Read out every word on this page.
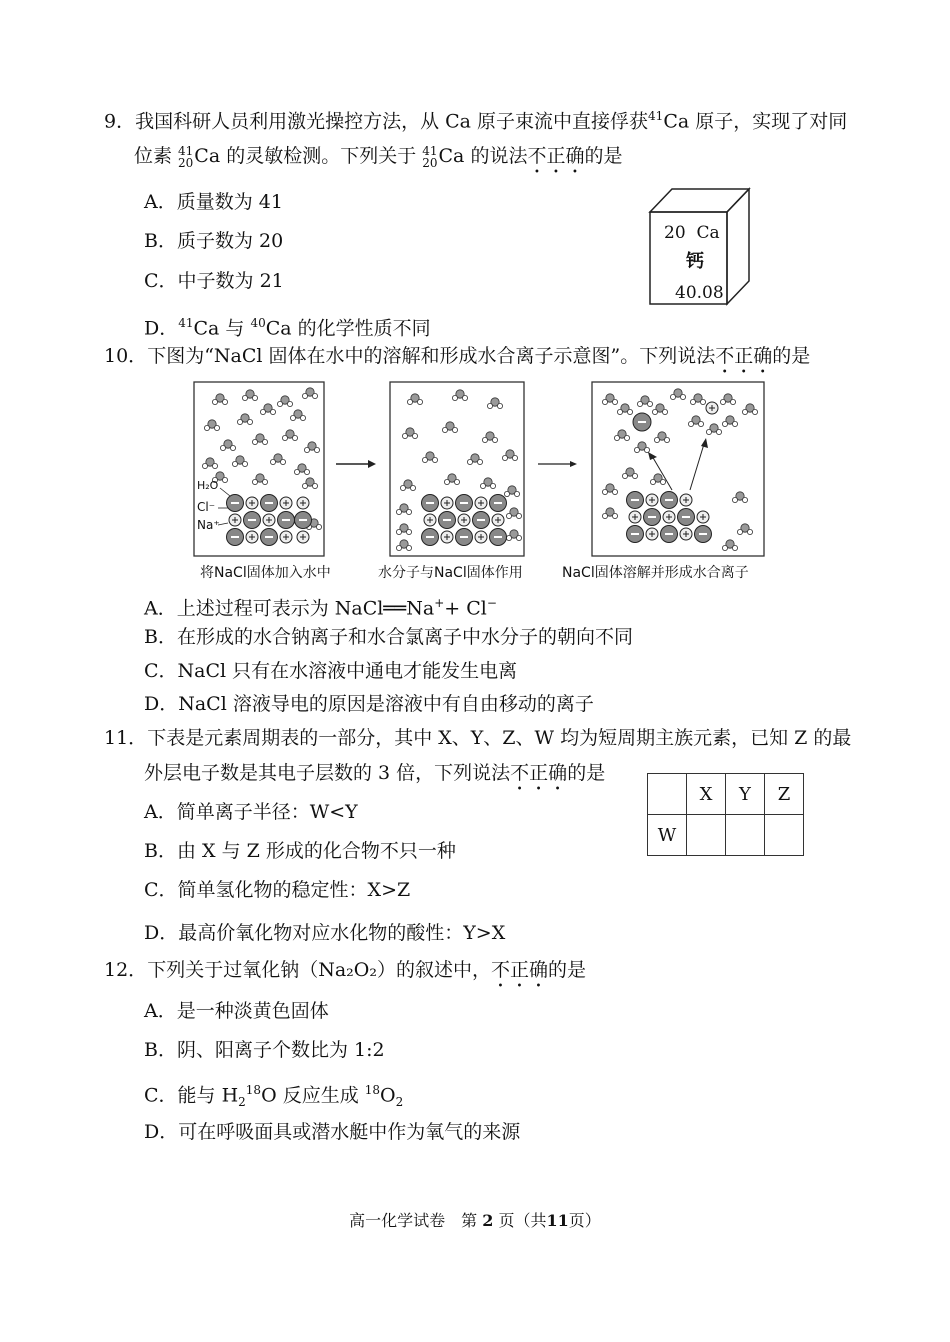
9．我国科研人员利用激光操控方法，从 Ca 原子束流中直接俘获$^{41}$Ca 原子，实现了对同
位素 41
20 Ca 的灵敏检测。下列关于 41
20 Ca 的说法不正确的是
A．质量数为 41
B．质子数为 20
C．中子数为 21
D．$^{41}$Ca 与 $^{40}$Ca 的化学性质不同
20 Ca
钙
40.08
10．下图为“NaCl 固体在水中的溶解和形成水合离子示意图”。下列说法不正确的是
将NaCl固体加入水中	水分子与NaCl固体作用	NaCl固体溶解并形成水合离子
H₂O
Cl⁻
Na⁺
A．上述过程可表示为 NaCl══Na++ Cl−
B．在形成的水合钠离子和水合氯离子中水分子的朝向不同
C．NaCl 只有在水溶液中通电才能发生电离
D．NaCl 溶液导电的原因是溶液中有自由移动的离子
11．下表是元素周期表的一部分，其中 X、Y、Z、W 均为短周期主族元素，已知 Z 的最
外层电子数是其电子层数的 3 倍，下列说法不正确的是
	X	Y	Z
W			
A．简单离子半径：W<Y
B．由 X 与 Z 形成的化合物不只一种
C．简单氢化物的稳定性：X>Z
D．最高价氧化物对应水化物的酸性：Y>X
12．下列关于过氧化钠（Na₂O₂）的叙述中，不正确的是
A．是一种淡黄色固体
B．阴、阳离子个数比为 1:2
C．能与 $H_2^{18}O$ 反应生成 $^{18}O_2$
D．可在呼吸面具或潜水艇中作为氧气的来源
高一化学试卷　第 2 页（共11页）
